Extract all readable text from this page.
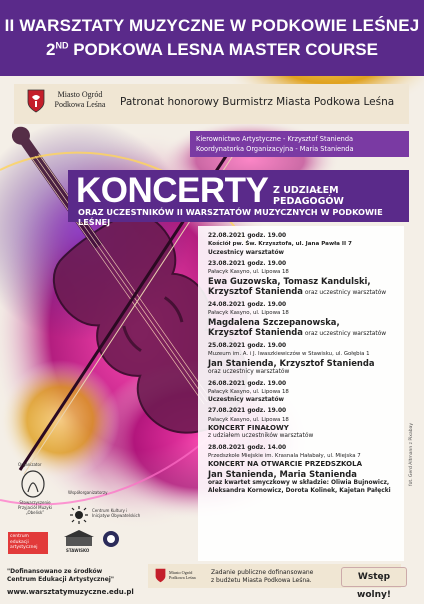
II WARSZTATY MUZYCZNE W PODKOWIE LEŚNEJ
2ND PODKOWA LESNA MASTER COURSE
Miasto Ogród
Podkowa Leśna	Patronat honorowy Burmistrz Miasta Podkowa Leśna
Kierownictwo Artystyczne - Krzysztof Stanienda
Koordynatorka Organizacyjna - Maria Stanienda
KONCERTY Z UDZIAŁEM PEDAGOGÓW
ORAZ UCZESTNIKÓW II WARSZTATÓW MUZYCZNYCH W PODKOWIE LEŚNEJ
22.08.2021 godz. 19.00
Kościół pw. Św. Krzysztofa, ul. Jana Pawła II 7
Uczestnicy warsztatów
23.08.2021 godz. 19.00
Pałacyk Kasyno, ul. Lipowa 18
Ewa Guzowska, Tomasz Kandulski,
Krzysztof Stanienda oraz uczestnicy warsztatów
24.08.2021 godz. 19.00
Pałacyk Kasyno, ul. Lipowa 18
Magdalena Szczepanowska,
Krzysztof Stanienda oraz uczestnicy warsztatów
25.08.2021 godz. 19.00
Muzeum im. A. i J. Iwaszkiewiczów w Stawisku, ul. Gołębia 1
Jan Stanienda, Krzysztof Stanienda
oraz uczestnicy warsztatów
26.08.2021 godz. 19.00
Pałacyk Kasyno, ul. Lipowa 18
Uczestnicy warsztatów
27.08.2021 godz. 19.00
Pałacyk Kasyno, ul. Lipowa 18
KONCERT FINAŁOWY
z udziałem uczestników warsztatów
28.08.2021 godz. 14.00
Przedszkole Miejskie im. Krasnala Hałabały, ul. Miejska 7
KONCERT NA OTWARCIE PRZEDSZKOLA
Jan Stanienda, Maria Stanienda
oraz kwartet smyczkowy w składzie: Oliwia Bujnowicz,
Aleksandra Kornowicz, Dorota Kolinek, Kajetan Pałęcki
fot. Gerd Altmann z Pixabay
Organizator
Stowarzyszenie Przyjaciół Muzyki „Obelisk”
Współorganizatorzy
Centrum Kultury i Inicjatyw Obywatelskich
centrum edukacji artystycznej
STAWISKO
"Dofinansowano ze środków
Centrum Edukacji Artystycznej"
www.warsztatymuzyczne.edu.pl
Miasto Ogród Podkowa Leśna
Zadanie publiczne dofinansowane
z budżetu Miasta Podkowa Leśna.	Wstęp wolny!
